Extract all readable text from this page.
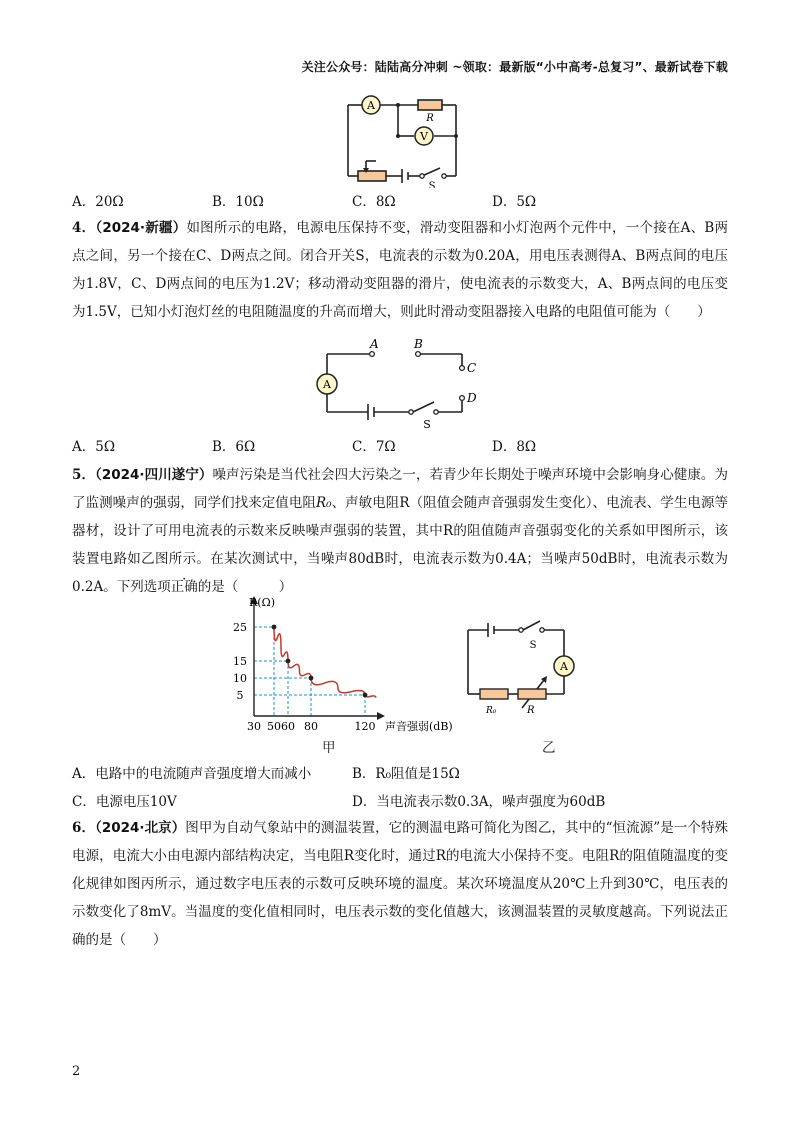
关注公众号：陆陆高分冲刺 ~领取：最新版“小中高考-总复习”、最新试卷下载
A
V
R
S
A．20Ω	B．10Ω	C．8Ω	D．5Ω
4．（2024·新疆）如图所示的电路，电源电压保持不变，滑动变阻器和小灯泡两个元件中，一个接在A、B两点之间，另一个接在C、D两点之间。闭合开关S，电流表的示数为0.20A，用电压表测得A、B两点间的电压为1.8V，C、D两点间的电压为1.2V；移动滑动变阻器的滑片，使电流表的示数变大，A、B两点间的电压变为1.5V，已知小灯泡灯丝的电阻随温度的升高而增大，则此时滑动变阻器接入电路的电阻值可能为（　　）
A
A	B
C
D
S
A．5Ω	B．6Ω	C．7Ω	D．8Ω
5．（2024·四川遂宁）噪声污染是当代社会四大污染之一，若青少年长期处于噪声环境中会影响身心健康。为了监测噪声的强弱，同学们找来定值电阻R₀、声敏电阻R（阻值会随声音强弱发生变化）、电流表、学生电源等器材，设计了可用电流表的示数来反映噪声强弱的装置，其中R的阻值随声音强弱变化的关系如甲图所示，该装置电路如乙图所示。在某次测试中，当噪声80dB时，电流表示数为0.4A；当噪声50dB时，电流表示数为0.2A。下列选项正确的是（　　　）
30 50 60 80	120
25
15
10
5
R(Ω)
声音强弱(dB)
甲
A
S
R₀	R
乙
A．电路中的电流随声音强度增大而减小	B．R₀阻值是15Ω
C．电源电压10V	D．当电流表示数0.3A，噪声强度为60dB
6．（2024·北京）图甲为自动气象站中的测温装置，它的测温电路可简化为图乙，其中的“恒流源”是一个特殊电源，电流大小由电源内部结构决定，当电阻R变化时，通过R的电流大小保持不变。电阻R的阻值随温度的变化规律如图丙所示，通过数字电压表的示数可反映环境的温度。某次环境温度从20℃上升到30℃，电压表的示数变化了8mV。当温度的变化值相同时，电压表示数的变化值越大，该测温装置的灵敏度越高。下列说法正确的是（　　）
2
